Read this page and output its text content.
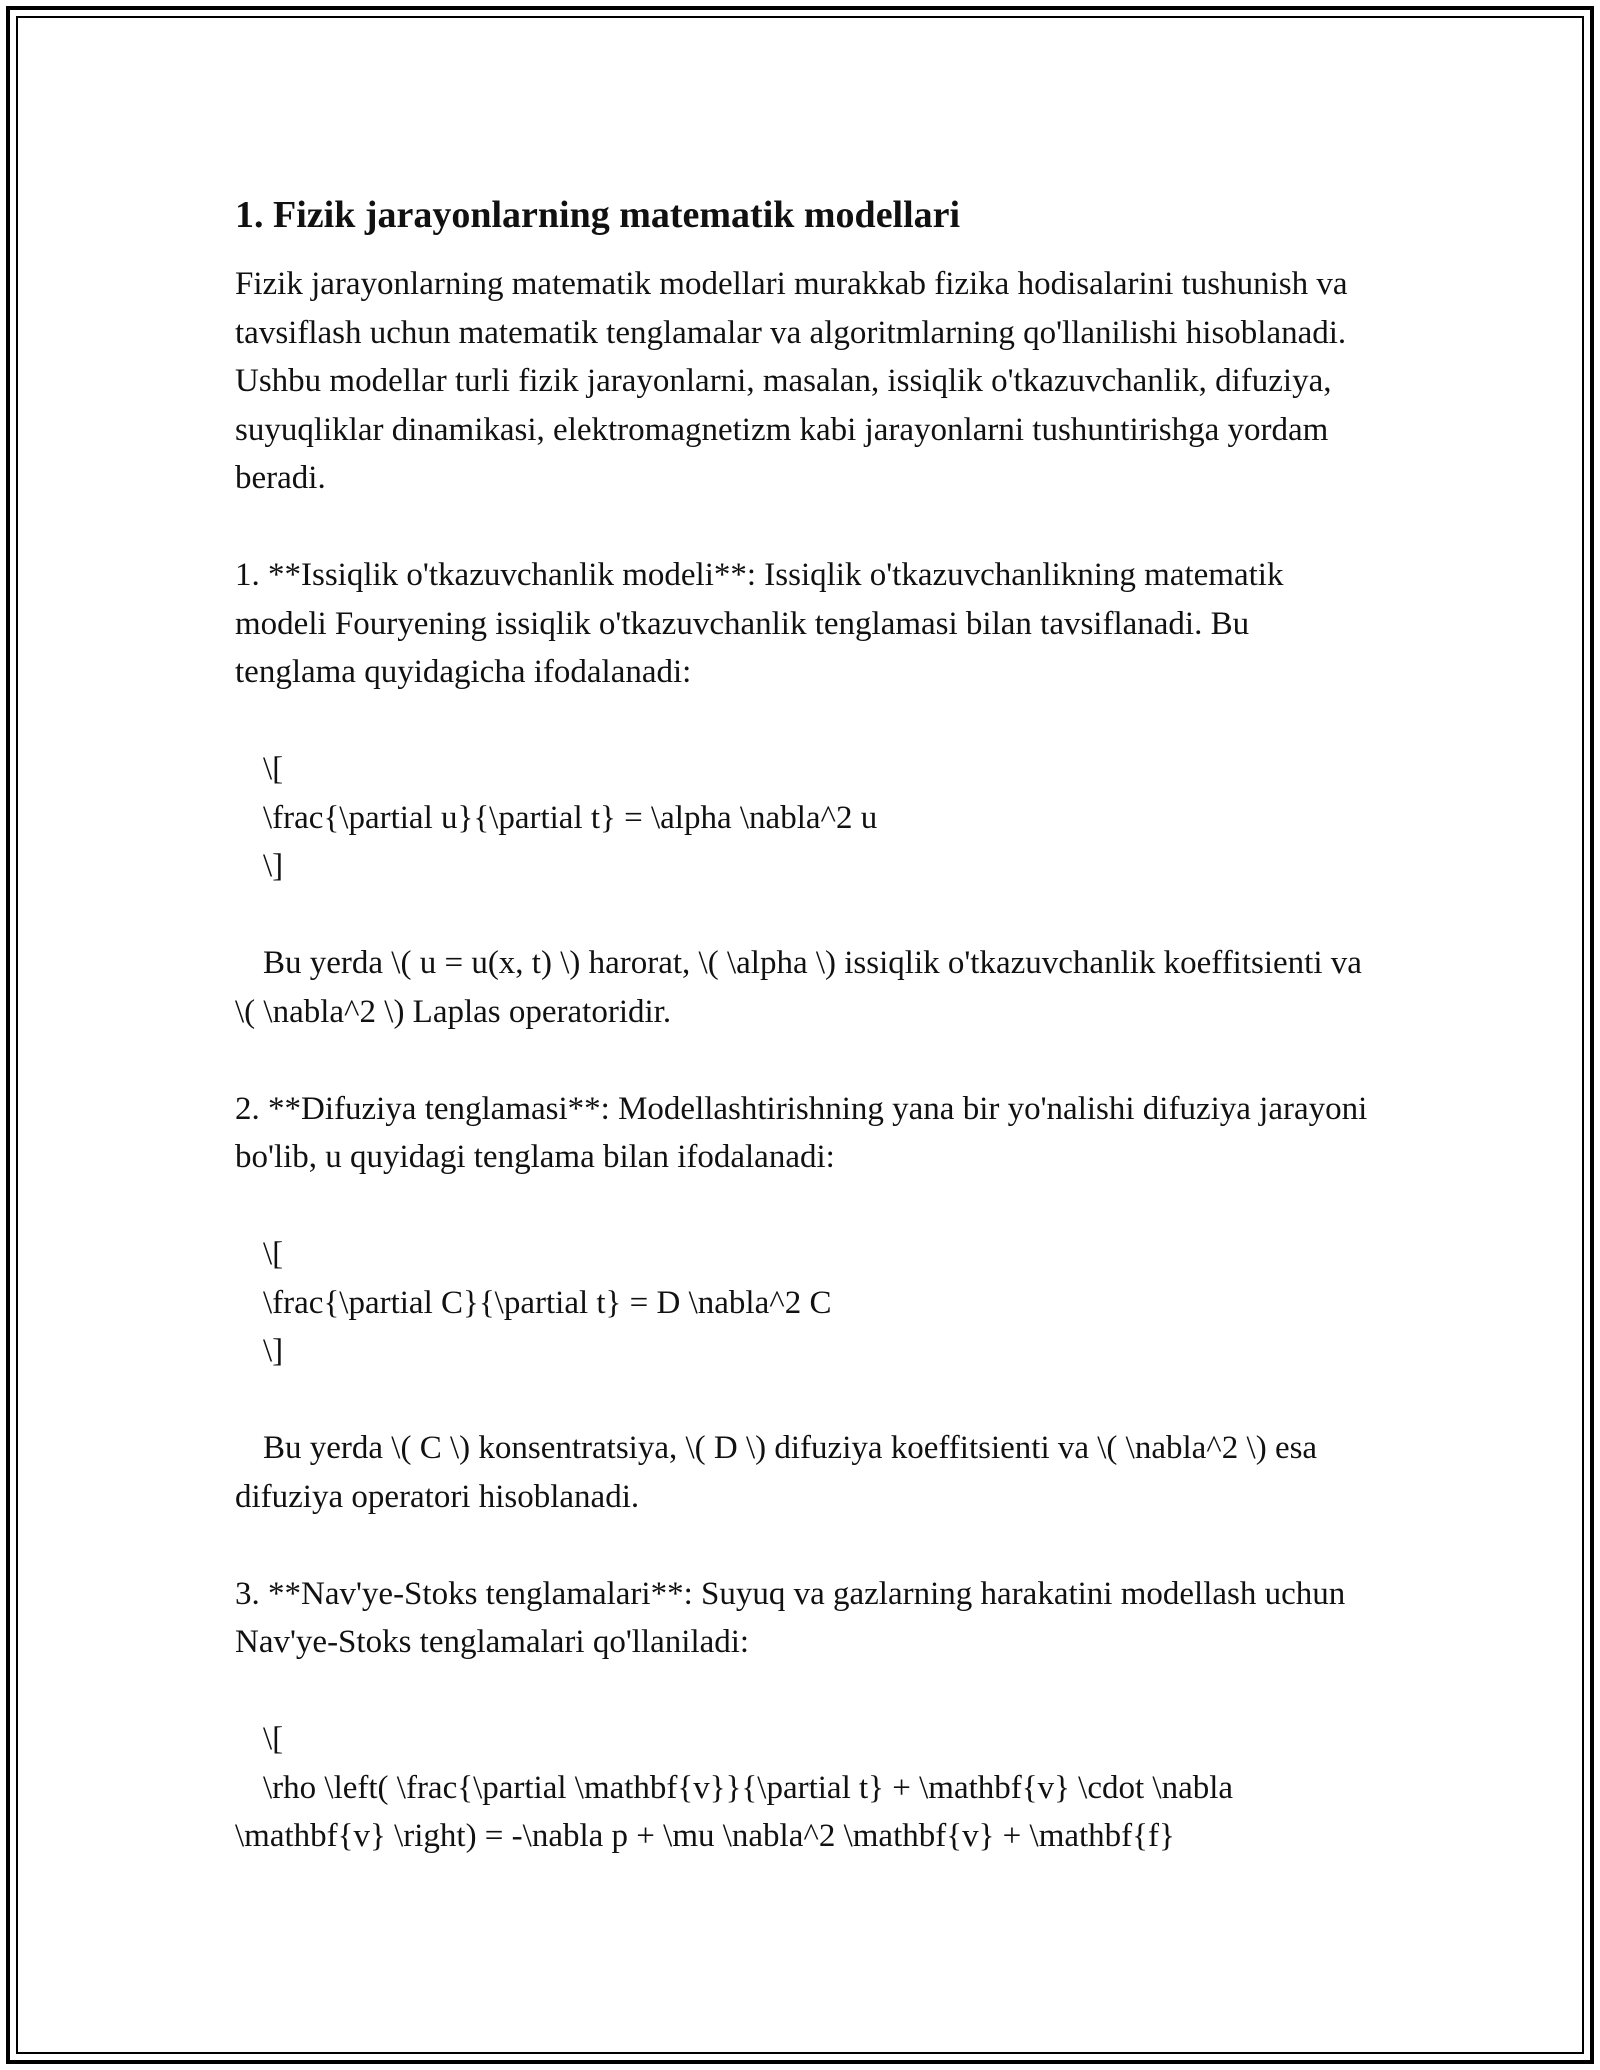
1. Fizik jarayonlarning matematik modellari

Fizik jarayonlarning matematik modellari murakkab fizika hodisalarini tushunish va tavsiflash uchun matematik tenglamalar va algoritmlarning qo'llanilishi hisoblanadi. Ushbu modellar turli fizik jarayonlarni, masalan, issiqlik o'tkazuvchanlik, difuziya, suyuqliklar dinamikasi, elektromagnetizm kabi jarayonlarni tushuntirishga yordam beradi.

1. **Issiqlik o'tkazuvchanlik modeli**: Issiqlik o'tkazuvchanlikning matematik modeli Fouryening issiqlik o'tkazuvchanlik tenglamasi bilan tavsiflanadi. Bu tenglama quyidagicha ifodalanadi:

\[

\frac{\partial u}{\partial t} = \alpha \nabla^2 u

\]

Bu yerda \( u = u(x, t) \) harorat, \( \alpha \) issiqlik o'tkazuvchanlik koeffitsienti va \( \nabla^2 \) Laplas operatoridir.

2. **Difuziya tenglamasi**: Modellashtirishning yana bir yo'nalishi difuziya jarayoni bo'lib, u quyidagi tenglama bilan ifodalanadi:

\[

\frac{\partial C}{\partial t} = D \nabla^2 C

\]

Bu yerda \( C \) konsentratsiya, \( D \) difuziya koeffitsienti va \( \nabla^2 \) esa difuziya operatori hisoblanadi.

3. **Nav'ye-Stoks tenglamalari**: Suyuq va gazlarning harakatini modellash uchun Nav'ye-Stoks tenglamalari qo'llaniladi:

\[

\rho \left( \frac{\partial \mathbf{v}}{\partial t} + \mathbf{v} \cdot \nabla \mathbf{v} \right) = -\nabla p + \mu \nabla^2 \mathbf{v} + \mathbf{f}
